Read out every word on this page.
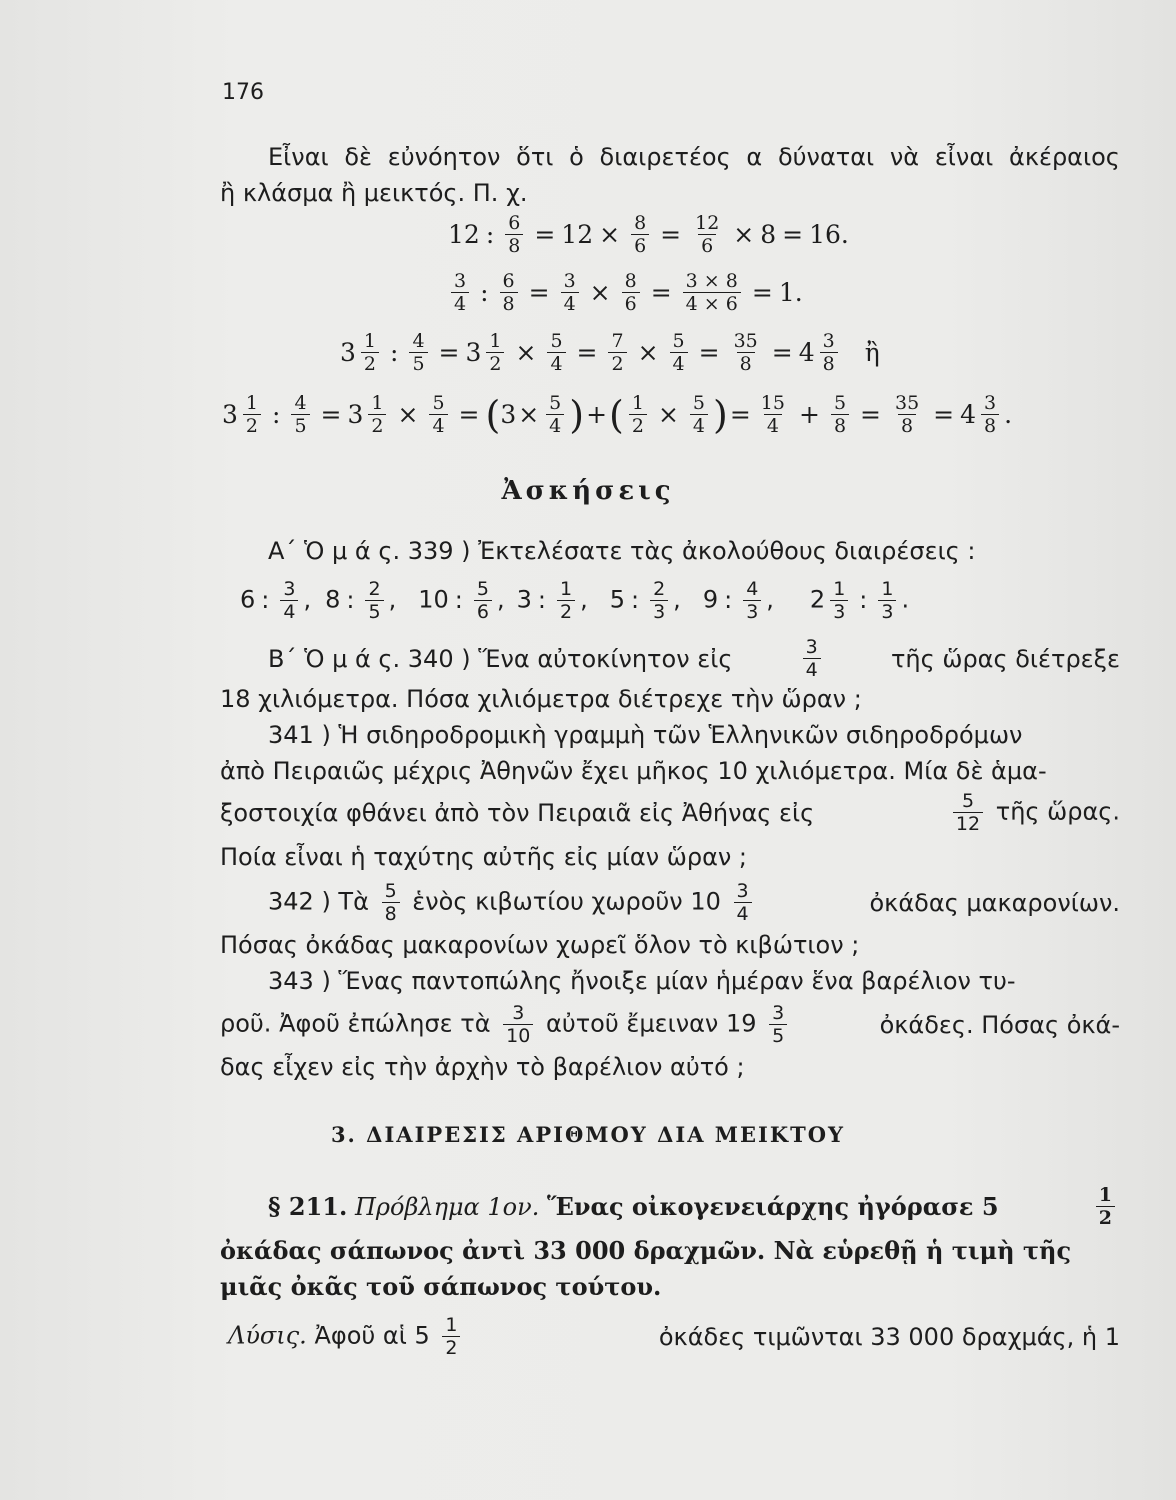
176
Εἶναι δὲ εὐνόητον ὅτι ὁ διαιρετέος α δύναται νὰ εἶναι ἀκέραιος
ἢ κλάσμα ἢ μεικτός. Π. χ.
12 : $\frac{6}{8} = 12 \times \frac{8}{6} = \frac{12}{6} \times 8 = 16$.
$\frac{3}{4}$ : $\frac{6}{8} = \frac{3}{4} \times \frac{8}{6} = \frac{3 \times 8}{4 \times 6} = 1$.
$3 \frac{1}{2}$ : $\frac{4}{5} = 3 \frac{1}{2} \times \frac{5}{4} = \frac{7}{2} \times \frac{5}{4} = \frac{35}{8} = 4 \frac{3}{8}$ ἢ
$3 \frac{1}{2}$ : $\frac{4}{5} = 3 \frac{1}{2} \times \frac{5}{4}$ = ( $3 \times \frac{5}{4}$ ) + ( $\frac{1}{2} \times \frac{5}{4}$ ) = $\frac{15}{4} + \frac{5}{8} = \frac{35}{8} = 4 \frac{3}{8}$ .
Ἀσκήσεις
Α΄ Ὁ μ ά ς. 339 ) Ἐκτελέσατε τὰς ἀκολούθους διαιρέσεις :
6 : $\frac{3}{4}$ , 8 : $\frac{2}{5}$ , 10 : $\frac{5}{6}$ , 3 : $\frac{1}{2}$ , 5 : $\frac{2}{3}$ , 9 : $\frac{4}{3}$ , $2 \frac{1}{3}$ : $\frac{1}{3}$ .
Β΄ Ὁ μ ά ς. 340 ) Ἕνα αὐτοκίνητον εἰς	$\frac{3}{4}$	τῆς ὥρας διέτρεξε
18 χιλιόμετρα. Πόσα χιλιόμετρα διέτρεχε τὴν ὥραν ;
341 ) Ἡ σιδηροδρομικὴ γραμμὴ τῶν Ἑλληνικῶν σιδηροδρόμων
ἀπὸ Πειραιῶς μέχρις Ἀθηνῶν ἔχει μῆκος 10 χιλιόμετρα. Μία δὲ ἁμα-
ξοστοιχία φθάνει ἀπὸ τὸν Πειραιᾶ εἰς Ἀθήνας εἰς	$\frac{5}{12}$ τῆς ὥρας.
Ποία εἶναι ἡ ταχύτης αὐτῆς εἰς μίαν ὥραν ;
342 ) Τὰ $\frac{5}{8}$ ἑνὸς κιβωτίου χωροῦν $10 \frac{3}{4}$	ὀκάδας μακαρονίων.
Πόσας ὀκάδας μακαρονίων χωρεῖ ὅλον τὸ κιβώτιον ;
343 ) Ἕνας παντοπώλης ἤνοιξε μίαν ἡμέραν ἕνα βαρέλιον τυ-
ροῦ. Ἀφοῦ ἐπώλησε τὰ $\frac{3}{10}$ αὐτοῦ ἔμειναν $19 \frac{3}{5}$	ὀκάδες. Πόσας ὀκά-
δας εἶχεν εἰς τὴν ἀρχὴν τὸ βαρέλιον αὐτό ;
3. ΔΙΑΙΡΕΣΙΣ ΑΡΙΘΜΟΥ ΔΙΑ ΜΕΙΚΤΟΥ
§ 211. Πρόβλημα 1ον. Ἕνας οἰκογενειάρχης ἠγόρασε 5	$\frac{1}{2}$
ὀκάδας σάπωνος ἀντὶ 33 000 δραχμῶν. Νὰ εὑρεθῇ ἡ τιμὴ τῆς
μιᾶς ὀκᾶς τοῦ σάπωνος τούτου.
Λύσις. Ἀφοῦ αἱ $5 \frac{1}{2}$	ὀκάδες τιμῶνται 33 000 δραχμάς, ἡ 1
